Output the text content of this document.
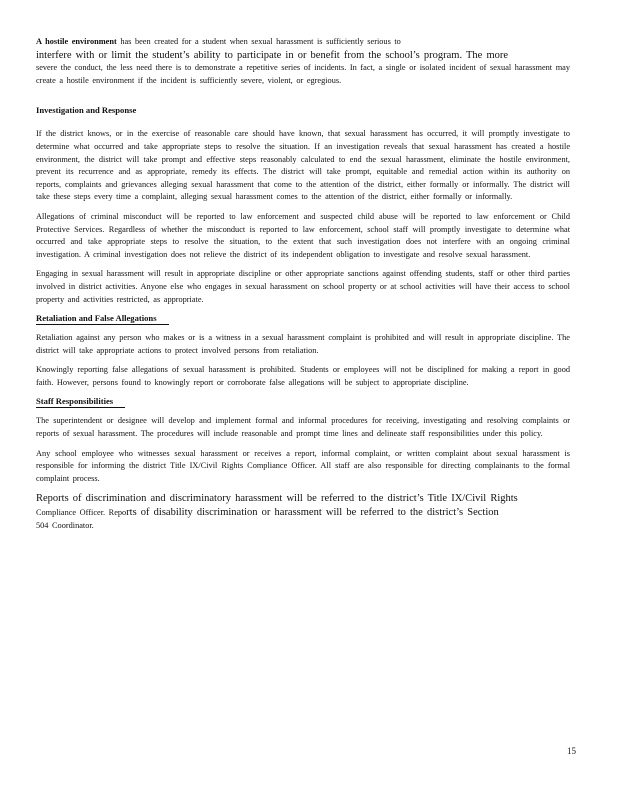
A hostile environment has been created for a student when sexual harassment is sufficiently serious to
interfere with or limit the student’s ability to participate in or benefit from the school’s program. The more
severe the conduct, the less need there is to demonstrate a repetitive series of incidents. In fact, a single or isolated incident of sexual harassment may create a hostile environment if the incident is sufficiently severe, violent, or egregious.

Investigation and Response

If the district knows, or in the exercise of reasonable care should have known, that sexual harassment has occurred, it will promptly investigate to determine what occurred and take appropriate steps to resolve the situation. If an investigation reveals that sexual harassment has created a hostile environment, the district will take prompt and effective steps reasonably calculated to end the sexual harassment, eliminate the hostile environment, prevent its recurrence and as appropriate, remedy its effects. The district will take prompt, equitable and remedial action within its authority on reports, complaints and grievances alleging sexual harassment that come to the attention of the district, either formally or informally. The district will take these steps every time a complaint, alleging sexual harassment comes to the attention of the district, either formally or informally.

Allegations of criminal misconduct will be reported to law enforcement and suspected child abuse will be reported to law enforcement or Child Protective Services. Regardless of whether the misconduct is reported to law enforcement, school staff will promptly investigate to determine what occurred and take appropriate steps to resolve the situation, to the extent that such investigation does not interfere with an ongoing criminal investigation. A criminal investigation does not relieve the district of its independent obligation to investigate and resolve sexual harassment.

Engaging in sexual harassment will result in appropriate discipline or other appropriate sanctions against offending students, staff or other third parties involved in district activities. Anyone else who engages in sexual harassment on school property or at school activities will have their access to school property and activities restricted, as appropriate.

Retaliation and False Allegations

Retaliation against any person who makes or is a witness in a sexual harassment complaint is prohibited and will result in appropriate discipline. The district will take appropriate actions to protect involved persons from retaliation.

Knowingly reporting false allegations of sexual harassment is prohibited. Students or employees will not be disciplined for making a report in good faith. However, persons found to knowingly report or corroborate false allegations will be subject to appropriate discipline.

Staff Responsibilities

The superintendent or designee will develop and implement formal and informal procedures for receiving, investigating and resolving complaints or reports of sexual harassment. The procedures will include reasonable and prompt time lines and delineate staff responsibilities under this policy.

Any school employee who witnesses sexual harassment or receives a report, informal complaint, or written complaint about sexual harassment is responsible for informing the district Title IX/Civil Rights Compliance Officer. All staff are also responsible for directing complainants to the formal complaint process.

Reports of discrimination and discriminatory harassment will be referred to the district’s Title IX/Civil Rights
Compliance Officer. Reports of disability discrimination or harassment will be referred to the district’s Section
504 Coordinator.

15
